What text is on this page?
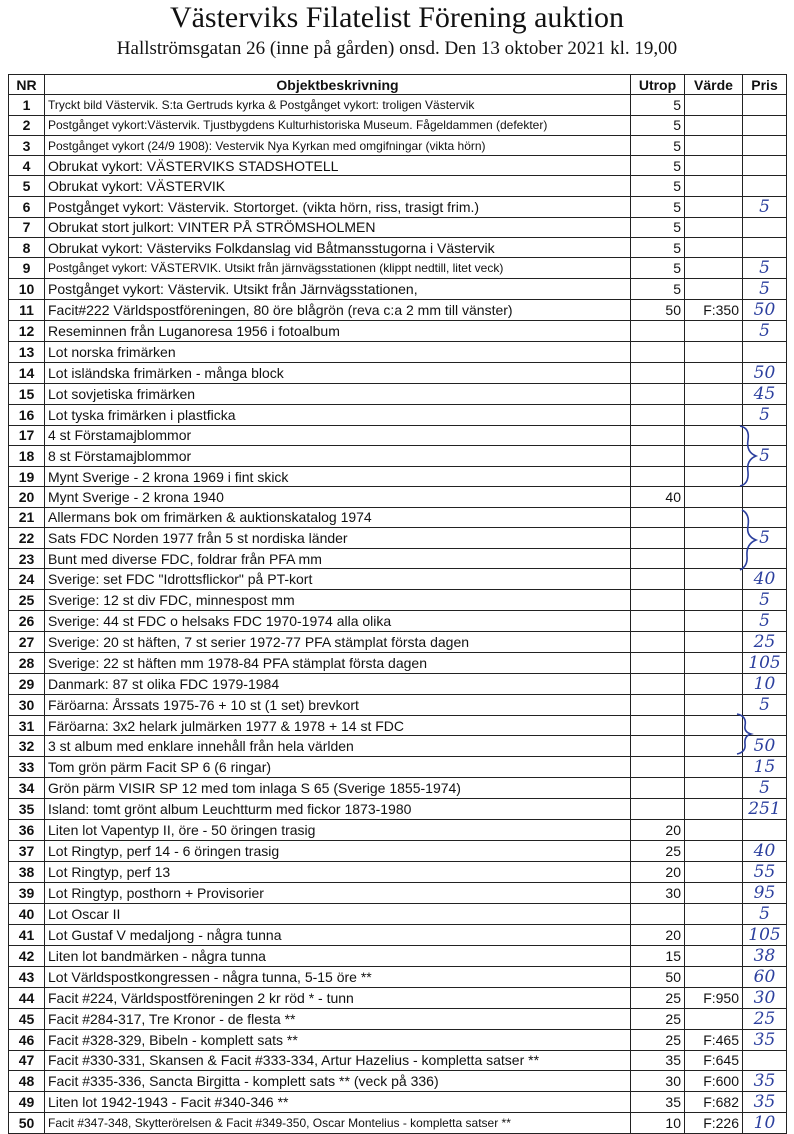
Västerviks Filatelist Förening auktion
Hallströmsgatan 26 (inne på gården) onsd. Den 13 oktober 2021 kl. 19,00
NR	Objektbeskrivning	Utrop	Värde	Pris
1	Tryckt bild Västervik. S:ta Gertruds kyrka & Postgånget vykort: troligen Västervik	5		
2	Postgånget vykort:Västervik. Tjustbygdens Kulturhistoriska Museum. Fågeldammen (defekter)	5		
3	Postgånget vykort (24/9 1908): Vestervik Nya Kyrkan med omgifningar (vikta hörn)	5		
4	Obrukat vykort: VÄSTERVIKS STADSHOTELL	5		
5	Obrukat vykort: VÄSTERVIK	5		
6	Postgånget vykort: Västervik. Stortorget. (vikta hörn, riss, trasigt frim.)	5		5
7	Obrukat stort julkort: VINTER PÅ STRÖMSHOLMEN	5		
8	Obrukat vykort: Västerviks Folkdanslag vid Båtmansstugorna i Västervik	5		
9	Postgånget vykort: VÄSTERVIK. Utsikt från järnvägsstationen (klippt nedtill, litet veck)	5		5
10	Postgånget vykort: Västervik. Utsikt från Järnvägsstationen,	5		5
11	Facit#222 Världspostföreningen, 80 öre blågrön (reva c:a 2 mm till vänster)	50	F:350	50
12	Reseminnen från Luganoresa 1956 i fotoalbum			5
13	Lot norska frimärken			
14	Lot isländska frimärken - många block			50
15	Lot sovjetiska frimärken			45
16	Lot tyska frimärken i plastficka			5
17	4 st Förstamajblommor			
18	8 st Förstamajblommor			5
19	Mynt Sverige - 2 krona 1969 i fint skick			
20	Mynt Sverige - 2 krona 1940	40		
21	Allermans bok om frimärken & auktionskatalog 1974			
22	Sats FDC Norden 1977 från 5 st nordiska länder			5
23	Bunt med diverse FDC, foldrar från PFA mm			
24	Sverige: set FDC "Idrottsflickor" på PT-kort			40
25	Sverige: 12 st div FDC, minnespost mm			5
26	Sverige: 44 st FDC o helsaks FDC 1970-1974 alla olika			5
27	Sverige: 20 st häften, 7 st serier 1972-77 PFA stämplat första dagen			25
28	Sverige: 22 st häften mm 1978-84 PFA stämplat första dagen			105
29	Danmark: 87 st olika FDC 1979-1984			10
30	Färöarna: Årssats 1975-76 + 10 st (1 set) brevkort			5
31	Färöarna: 3x2 helark julmärken 1977 & 1978 + 14 st FDC			
32	3 st album med enklare innehåll från hela världen			50
33	Tom grön pärm Facit SP 6 (6 ringar)			15
34	Grön pärm VISIR SP 12 med tom inlaga S 65 (Sverige 1855-1974)			5
35	Island: tomt grönt album Leuchtturm med fickor 1873-1980			251
36	Liten lot Vapentyp II, öre - 50 öringen trasig	20		
37	Lot Ringtyp, perf 14 - 6 öringen trasig	25		40
38	Lot Ringtyp, perf 13	20		55
39	Lot Ringtyp, posthorn + Provisorier	30		95
40	Lot Oscar II			5
41	Lot Gustaf V medaljong - några tunna	20		105
42	Liten lot bandmärken - några tunna	15		38
43	Lot Världspostkongressen - några tunna, 5-15 öre **	50		60
44	Facit #224, Världspostföreningen 2 kr röd * - tunn	25	F:950	30
45	Facit #284-317, Tre Kronor - de flesta **	25		25
46	Facit #328-329, Bibeln - komplett sats **	25	F:465	35
47	Facit #330-331, Skansen & Facit #333-334, Artur Hazelius - kompletta satser **	35	F:645	
48	Facit #335-336, Sancta Birgitta - komplett sats ** (veck på 336)	30	F:600	35
49	Liten lot 1942-1943 - Facit #340-346 **	35	F:682	35
50	Facit #347-348, Skytterörelsen & Facit #349-350, Oscar Montelius - kompletta satser **	10	F:226	10
